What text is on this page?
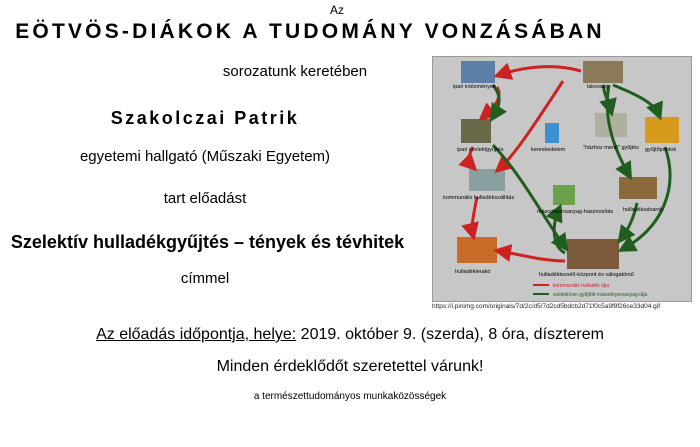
Az
EÖTVÖS-DIÁKOK A TUDOMÁNY VONZÁSÁBAN
sorozatunk keretében
Szakolczai Patrik
egyetemi hallgató (Műszaki Egyetem)
tart előadást
Szelektív hulladékgyűjtés – tények és tévhitek
címmel
ipari intézmények	lakosság
ipari szelektgyűjtés	kereskedelem	"házhoz menő" gyűjtés gyűjtőpontok
kommunális hulladékszállítás
másodnyersanyag-hasznosítás hulladékudvarok
hulladéklerakó	hulladékkezelő-központ és válogatómű
kommunális hulladék útja
szelektíven gyűjtött másodnyersanyag útja
https://i.pinimg.com/originals/7d/2c/d5/7d2cd5bdcb2d71f0c5a9f8f26ce33d04.gif
Az előadás időpontja, helye: 2019. október 9. (szerda), 8 óra, díszterem
Minden érdeklődőt szeretettel várunk!
a természettudományos munkaközösségek
